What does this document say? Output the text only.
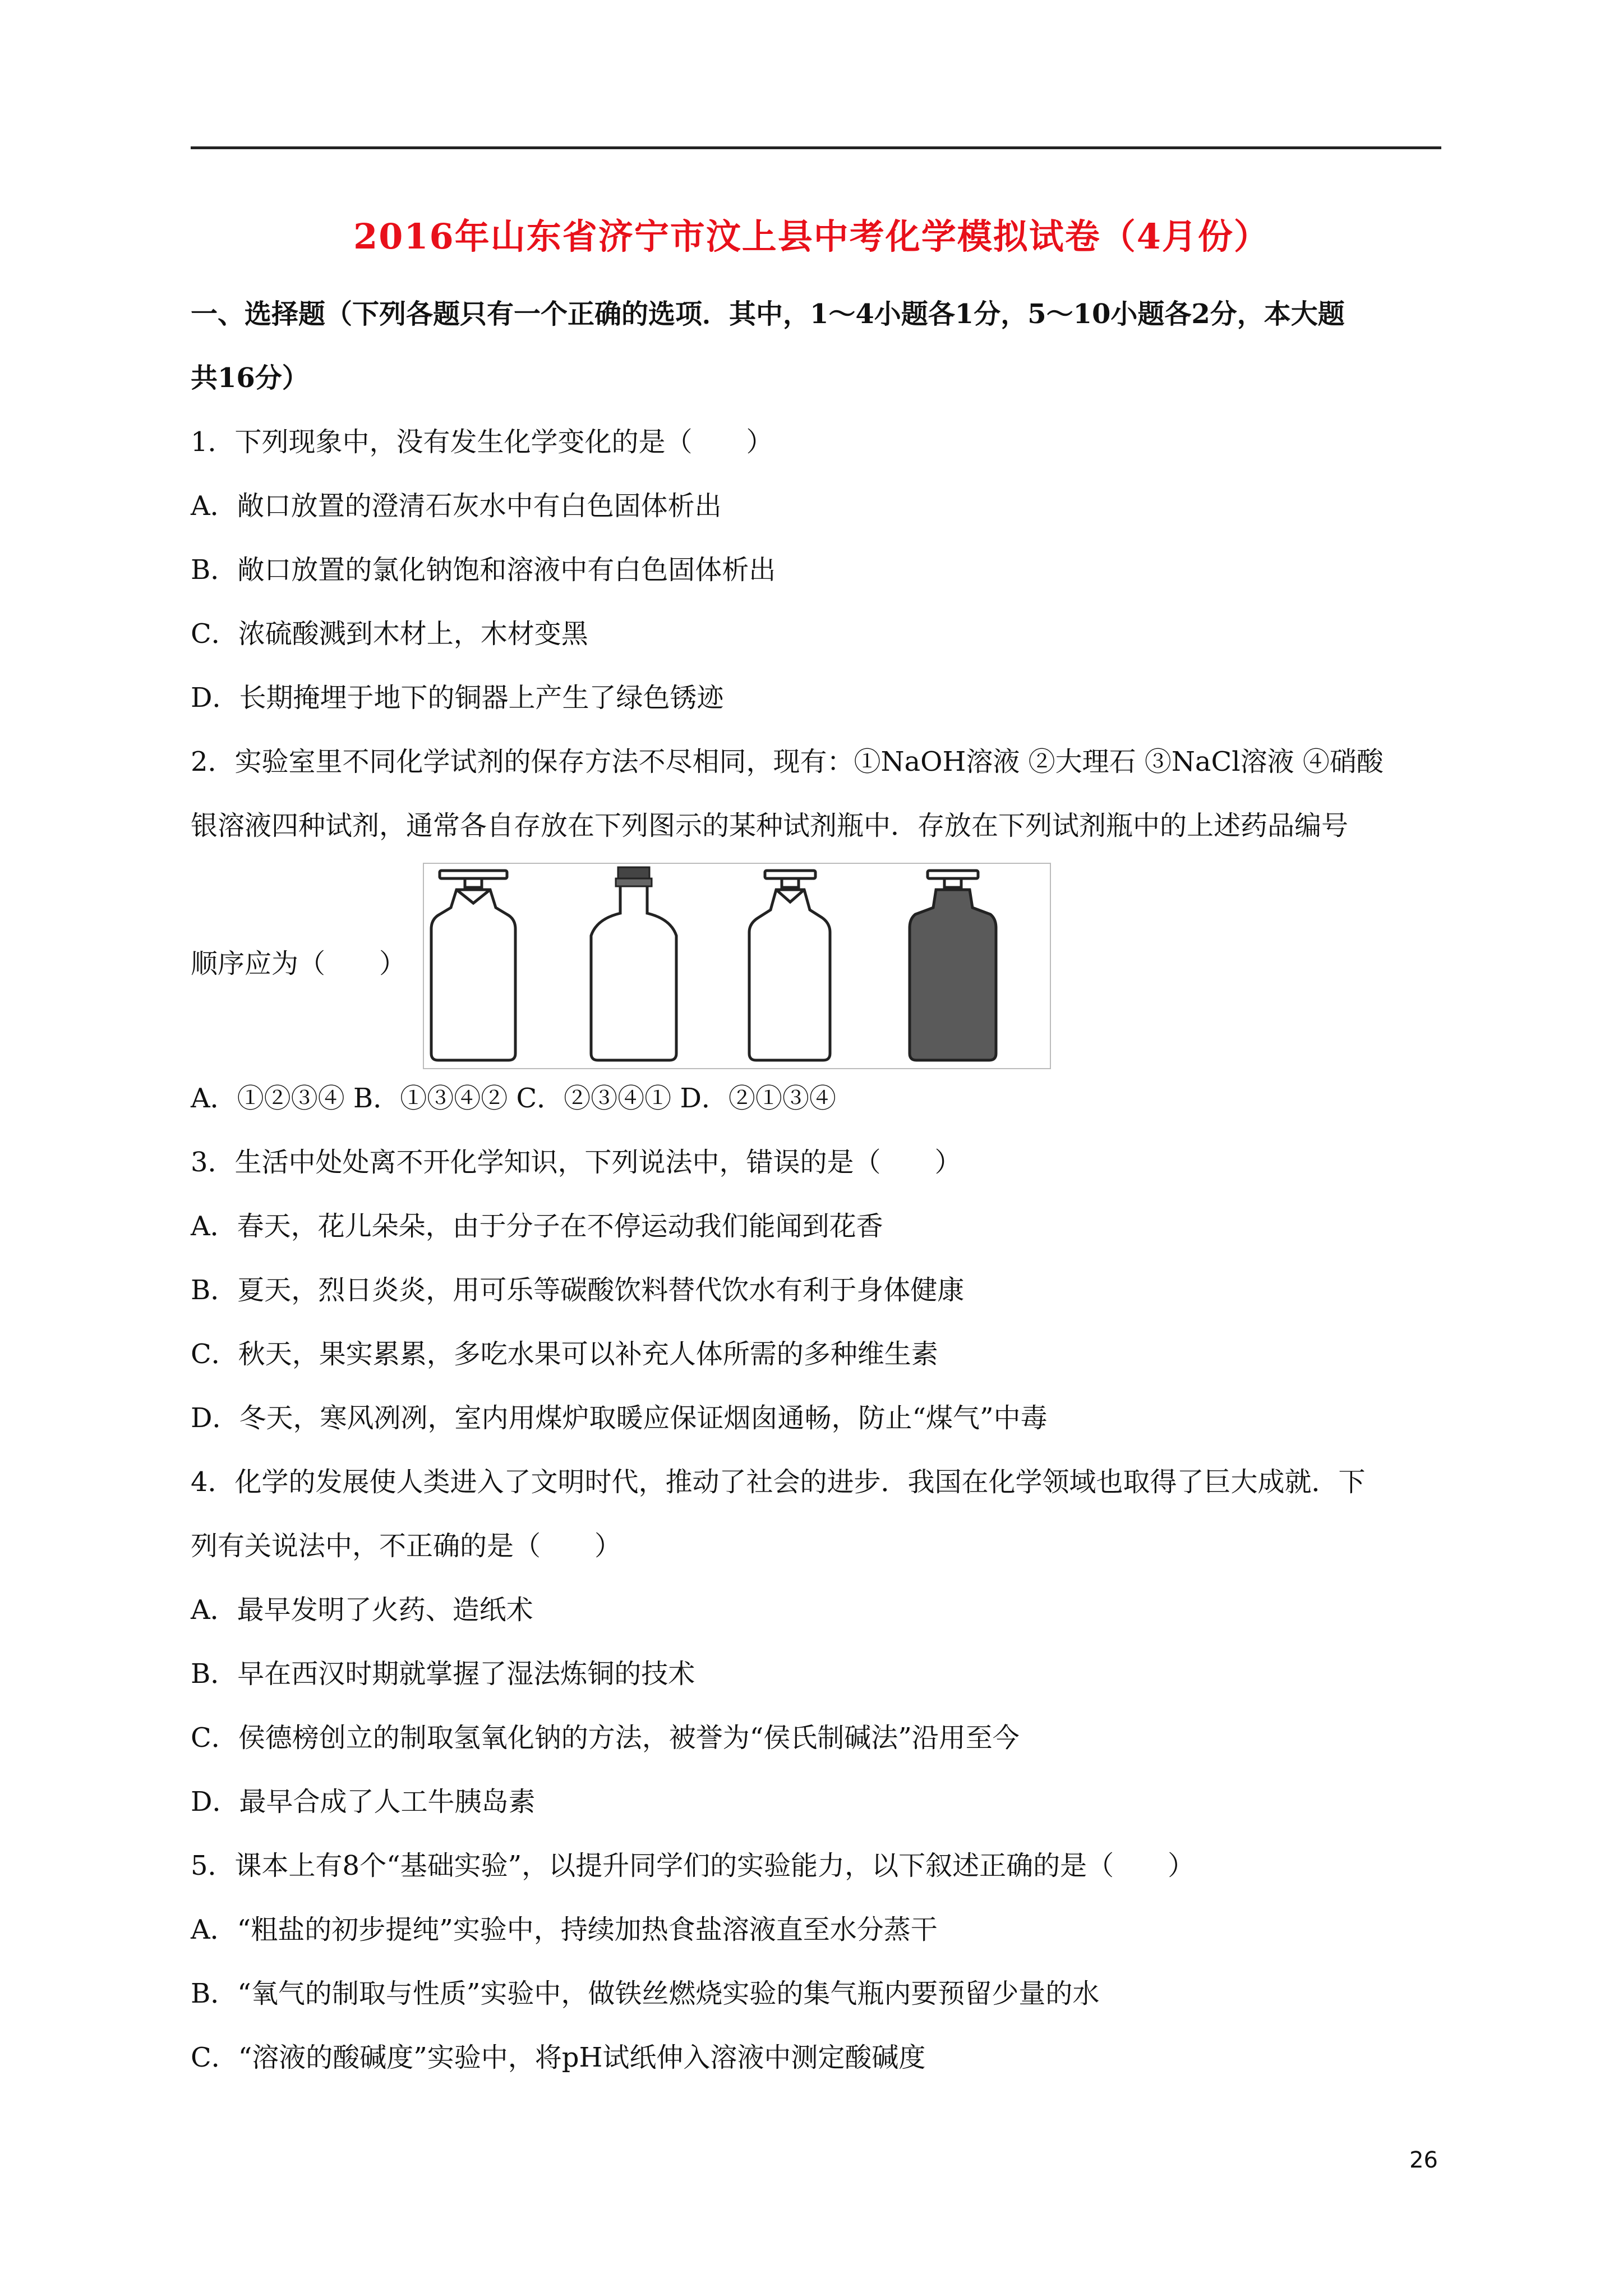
2016年山东省济宁市汶上县中考化学模拟试卷（4月份）
一、选择题（下列各题只有一个正确的选项．其中，1～4小题各1分，5～10小题各2分，本大题
共16分）
1．下列现象中，没有发生化学变化的是（　　）
A．敞口放置的澄清石灰水中有白色固体析出
B．敞口放置的氯化钠饱和溶液中有白色固体析出
C．浓硫酸溅到木材上，木材变黑
D．长期掩埋于地下的铜器上产生了绿色锈迹
2．实验室里不同化学试剂的保存方法不尽相同，现有：①NaOH溶液 ②大理石 ③NaCl溶液 ④硝酸
银溶液四种试剂，通常各自存放在下列图示的某种试剂瓶中．存放在下列试剂瓶中的上述药品编号
顺序应为（　　）
A．①②③④ B．①③④② C．②③④① D．②①③④
3．生活中处处离不开化学知识，下列说法中，错误的是（　　）
A．春天，花儿朵朵，由于分子在不停运动我们能闻到花香
B．夏天，烈日炎炎，用可乐等碳酸饮料替代饮水有利于身体健康
C．秋天，果实累累，多吃水果可以补充人体所需的多种维生素
D．冬天，寒风冽冽，室内用煤炉取暖应保证烟囱通畅，防止“煤气”中毒
4．化学的发展使人类进入了文明时代，推动了社会的进步．我国在化学领域也取得了巨大成就．下
列有关说法中，不正确的是（　　）
A．最早发明了火药、造纸术
B．早在西汉时期就掌握了湿法炼铜的技术
C．侯德榜创立的制取氢氧化钠的方法，被誉为“侯氏制碱法”沿用至今
D．最早合成了人工牛胰岛素
5．课本上有8个“基础实验”，以提升同学们的实验能力，以下叙述正确的是（　　）
A．“粗盐的初步提纯”实验中，持续加热食盐溶液直至水分蒸干
B．“氧气的制取与性质”实验中，做铁丝燃烧实验的集气瓶内要预留少量的水
C．“溶液的酸碱度”实验中，将pH试纸伸入溶液中测定酸碱度
26
